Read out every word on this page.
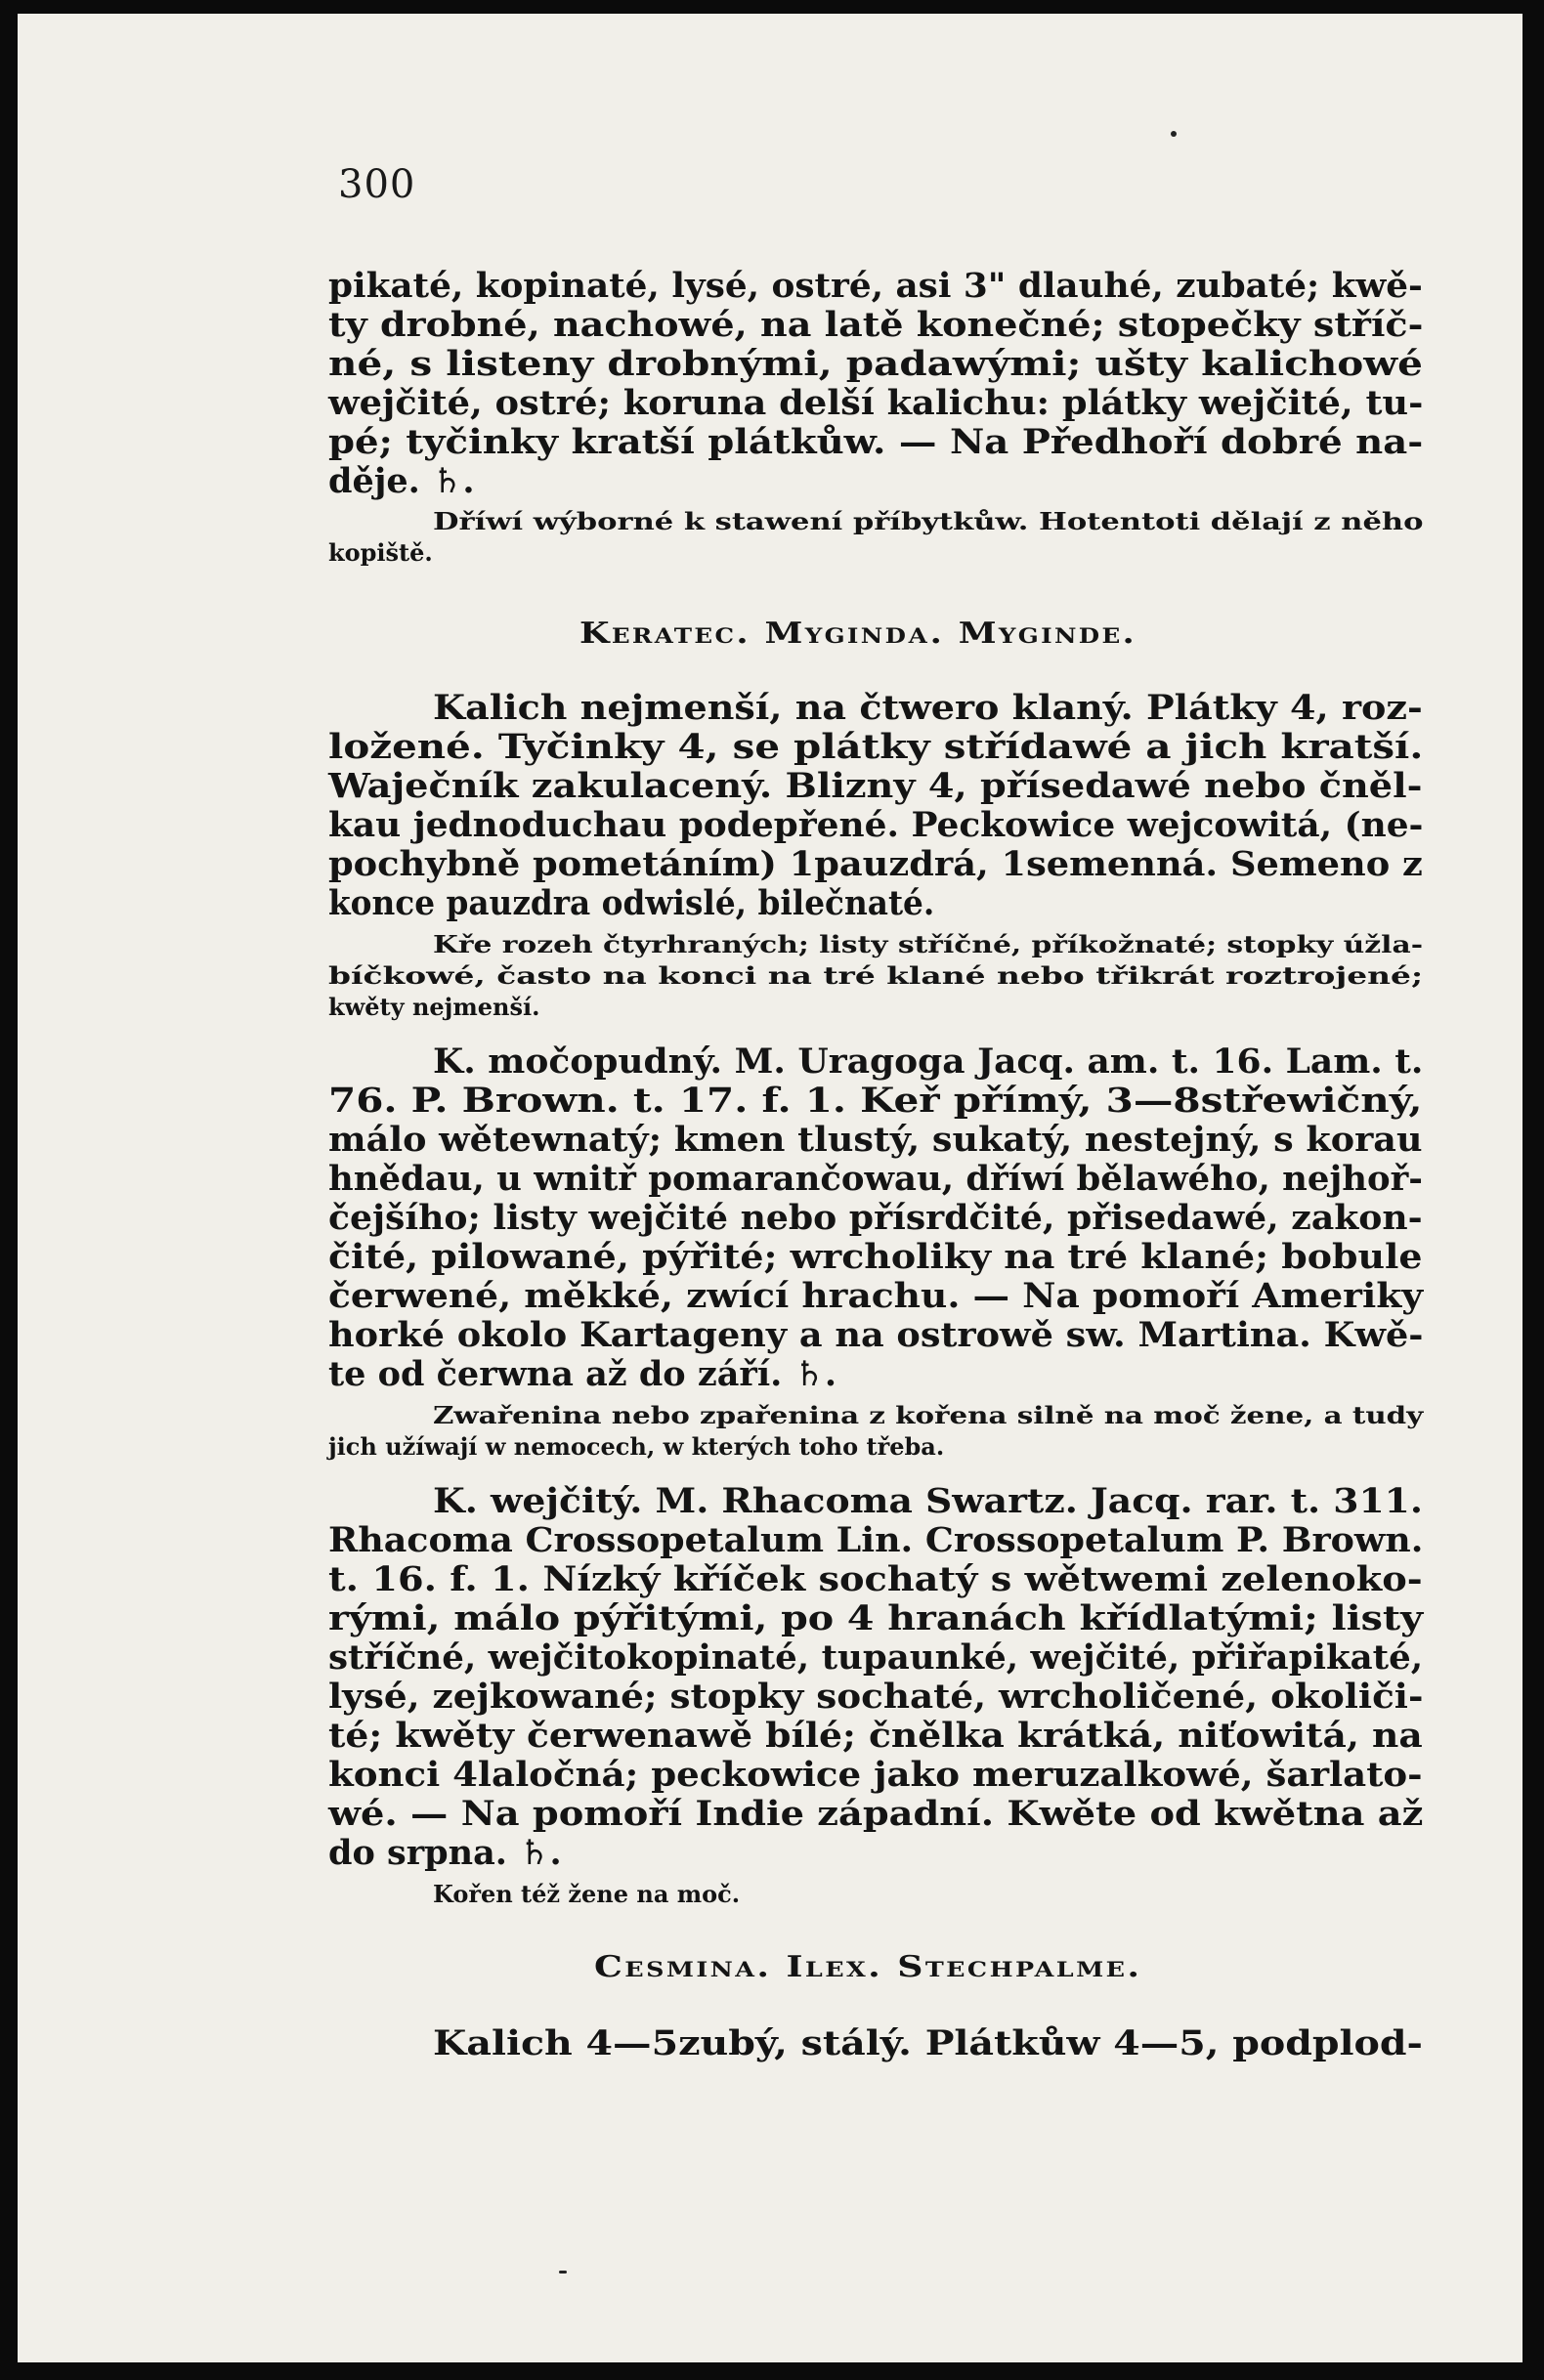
300
pikaté, kopinaté, lysé, ostré, asi 3" dlauhé, zubaté; kwě-
ty drobné, nachowé, na latě konečné; stopečky stříč-
né, s listeny drobnými, padawými; ušty kalichowé
wejčité, ostré; koruna delší kalichu: plátky wejčité, tu-
pé; tyčinky kratší plátkůw. — Na Předhoří dobré na-
děje. ♄.
Dříwí wýborné k stawení příbytkůw. Hotentoti dělají z něho
kopiště.
Keratec. Mygindа. Myginde.
Kalich nejmenší, na čtwero klaný. Plátky 4, roz-
ložené. Tyčinky 4, se plátky střídawé a jich kratší.
Waječník zakulacený. Blizny 4, přísedawé nebo čněl-
kau jednoduchau podepřené. Peckowice wejcowitá, (ne-
pochybně pometáním) 1pauzdrá, 1semenná. Semeno z
konce pauzdra odwislé, bilečnaté.
Kře rozeh čtyrhraných; listy stříčné, příkožnaté; stopky úžla-
bíčkowé, často na konci na tré klané nebo třikrát roztrojené;
kwěty nejmenší.
K. močopudný. M. Uragoga Jacq. am. t. 16. Lam. t.
76. P. Brown. t. 17. f. 1. Keř přímý, 3—8střewičný,
málo wětewnatý; kmen tlustý, sukatý, nestejný, s korau
hnědau, u wnitř pomarančowau, dříwí bělawého, nejhoř-
čejšího; listy wejčité nebo přísrdčité, přisedawé, zakon-
čité, pilowané, pýřité; wrcholiky na tré klané; bobule
čerwené, měkké, zwící hrachu. — Na pomoří Ameriky
horké okolo Kartageny a na ostrowě sw. Martina. Kwě-
te od čerwna až do září. ♄.
Zwařenina nebo zpařenina z kořena silně na moč žene, a tudy
jich užíwají w nemocech, w kterých toho třeba.
K. wejčitý. M. Rhacoma Swartz. Jacq. rar. t. 311.
Rhacoma Crossopetalum Lin. Crossopetalum P. Brown.
t. 16. f. 1. Nízký kříček sochatý s wětwemi zelenoko-
rými, málo pýřitými, po 4 hranách křídlatými; listy
stříčné, wejčitokopinaté, tupaunké, wejčité, přiřapikaté,
lysé, zejkowané; stopky sochaté, wrcholičené, okoliči-
té; kwěty čerwenawě bílé; čnělka krátká, niťowitá, na
konci 4laločná; peckowice jako meruzalkowé, šarlato-
wé. — Na pomoří Indie západní. Kwěte od kwětna až
do srpna. ♄.
Kořen též žene na moč.
Cesmina. Ilex. Stechpalme.
Kalich 4—5zubý, stálý. Plátkůw 4—5, podplod-
